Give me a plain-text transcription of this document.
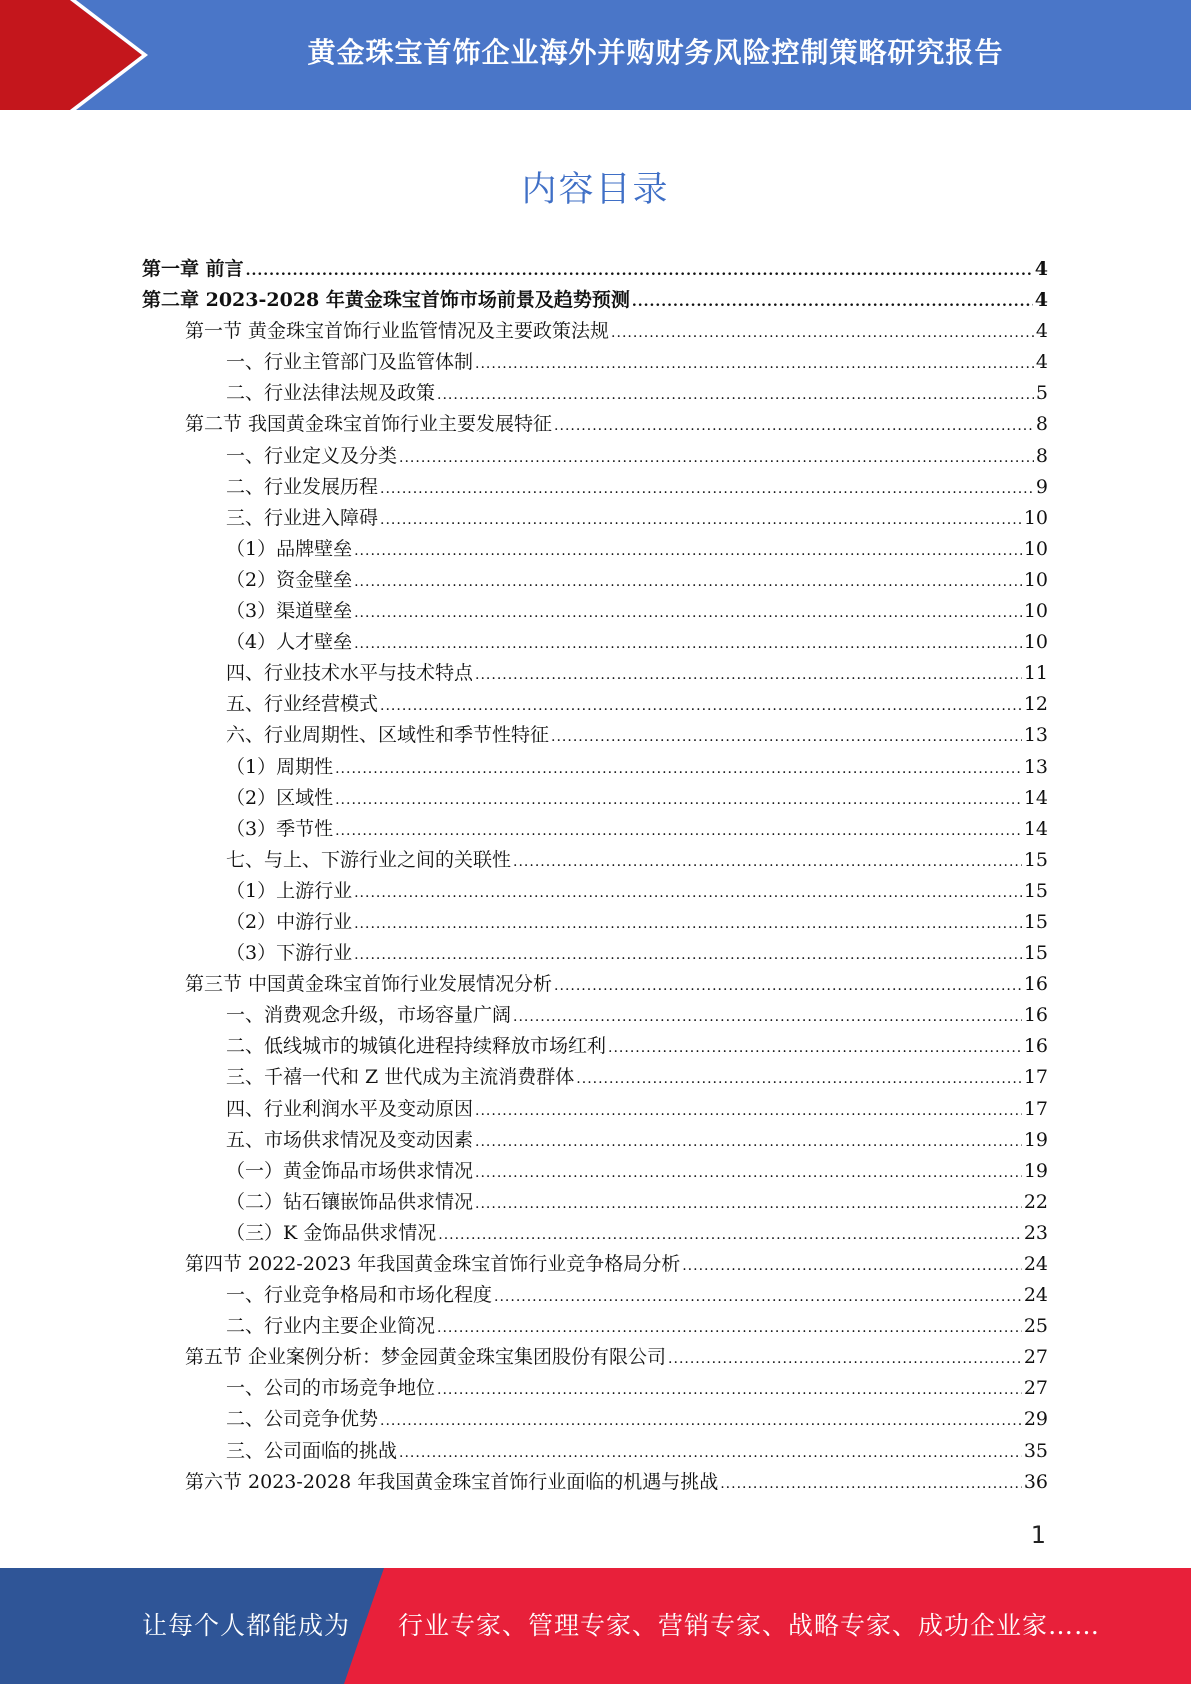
黄金珠宝首饰企业海外并购财务风险控制策略研究报告
内容目录
第一章 前言 .....	4
第二章 2023-2028 年黄金珠宝首饰市场前景及趋势预测 .....	4
第一节 黄金珠宝首饰行业监管情况及主要政策法规 .....	4
一、行业主管部门及监管体制 .....	4
二、行业法律法规及政策 .....	5
第二节 我国黄金珠宝首饰行业主要发展特征 .....	8
一、行业定义及分类 .....	8
二、行业发展历程 .....	9
三、行业进入障碍 .....	10
（1）品牌壁垒 .....	10
（2）资金壁垒 .....	10
（3）渠道壁垒 .....	10
（4）人才壁垒 .....	10
四、行业技术水平与技术特点 .....	11
五、行业经营模式 .....	12
六、行业周期性、区域性和季节性特征 .....	13
（1）周期性 .....	13
（2）区域性 .....	14
（3）季节性 .....	14
七、与上、下游行业之间的关联性 .....	15
（1）上游行业 .....	15
（2）中游行业 .....	15
（3）下游行业 .....	15
第三节 中国黄金珠宝首饰行业发展情况分析 .....	16
一、消费观念升级，市场容量广阔 .....	16
二、低线城市的城镇化进程持续释放市场红利 .....	16
三、千禧一代和 Z 世代成为主流消费群体 .....	17
四、行业利润水平及变动原因 .....	17
五、市场供求情况及变动因素 .....	19
（一）黄金饰品市场供求情况 .....	19
（二）钻石镶嵌饰品供求情况 .....	22
（三）K 金饰品供求情况 .....	23
第四节 2022-2023 年我国黄金珠宝首饰行业竞争格局分析 .....	24
一、行业竞争格局和市场化程度 .....	24
二、行业内主要企业简况 .....	25
第五节 企业案例分析：梦金园黄金珠宝集团股份有限公司 .....	27
一、公司的市场竞争地位 .....	27
二、公司竞争优势 .....	29
三、公司面临的挑战 .....	35
第六节 2023-2028 年我国黄金珠宝首饰行业面临的机遇与挑战 .....	36
1
让每个人都能成为 行业专家、管理专家、营销专家、战略专家、成功企业家……
